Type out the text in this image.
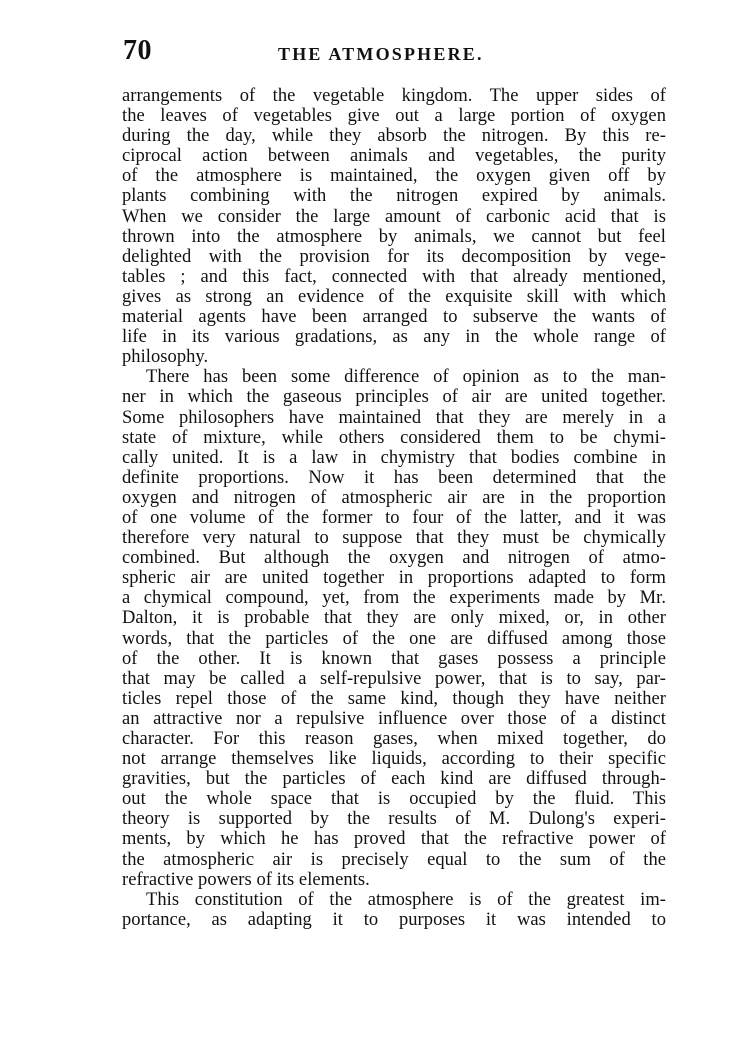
70	THE ATMOSPHERE.
arrangements of the vegetable kingdom. The upper sides of
the leaves of vegetables give out a large portion of oxygen
during the day, while they absorb the nitrogen. By this re-
ciprocal action between animals and vegetables, the purity
of the atmosphere is maintained, the oxygen given off by
plants combining with the nitrogen expired by animals.
When we consider the large amount of carbonic acid that is
thrown into the atmosphere by animals, we cannot but feel
delighted with the provision for its decomposition by vege-
tables ; and this fact, connected with that already mentioned,
gives as strong an evidence of the exquisite skill with which
material agents have been arranged to subserve the wants of
life in its various gradations, as any in the whole range of
philosophy.
There has been some difference of opinion as to the man-
ner in which the gaseous principles of air are united together.
Some philosophers have maintained that they are merely in a
state of mixture, while others considered them to be chymi-
cally united. It is a law in chymistry that bodies combine in
definite proportions. Now it has been determined that the
oxygen and nitrogen of atmospheric air are in the proportion
of one volume of the former to four of the latter, and it was
therefore very natural to suppose that they must be chymically
combined. But although the oxygen and nitrogen of atmo-
spheric air are united together in proportions adapted to form
a chymical compound, yet, from the experiments made by Mr.
Dalton, it is probable that they are only mixed, or, in other
words, that the particles of the one are diffused among those
of the other. It is known that gases possess a principle
that may be called a self-repulsive power, that is to say, par-
ticles repel those of the same kind, though they have neither
an attractive nor a repulsive influence over those of a distinct
character. For this reason gases, when mixed together, do
not arrange themselves like liquids, according to their specific
gravities, but the particles of each kind are diffused through-
out the whole space that is occupied by the fluid. This
theory is supported by the results of M. Dulong's experi-
ments, by which he has proved that the refractive power of
the atmospheric air is precisely equal to the sum of the
refractive powers of its elements.
This constitution of the atmosphere is of the greatest im-
portance, as adapting it to purposes it was intended to
